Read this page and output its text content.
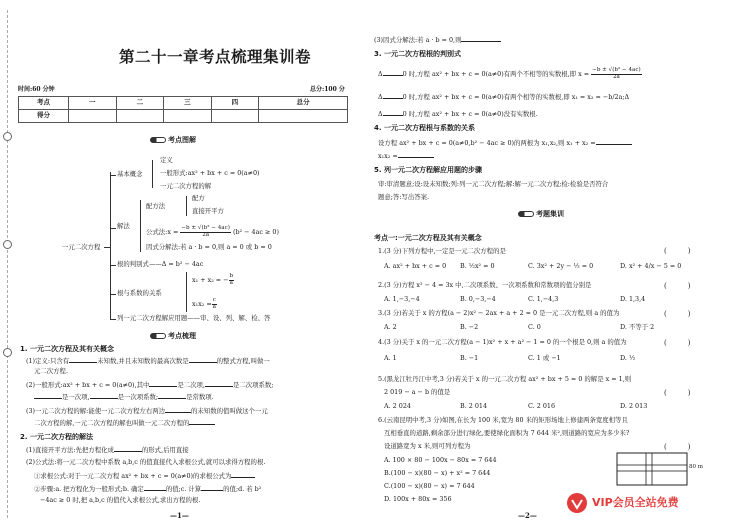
第二十一章考点梳理集训卷
时间:60 分钟	总分:100 分
考点	一	二	三	四	总分
得分					
考点图解
一元二次方程
基本概念
定义
一般形式:ax² + bx + c = 0(a≠0)
一元二次方程的解
解法
配方法
配方
直接开平方
公式法:x = $\frac{\text{−b ± √(b² − 4ac)}}{2a} (b^2 - 4ac \ge 0)$
因式分解法:若 a · b = 0,则 a = 0 或 b = 0
根的判别式——Δ = b² − 4ac
根与系数的关系
x₁ + x₂ = − $\frac{b}{a}$
$x_1x_2 = \frac{c}{a}$
列一元二次方程解应用题——审、设、列、解、检、答
考点梳理
1. 一元二次方程及其有关概念
(1)定义:只含有	未知数,并且未知数的最高次数是	的整式方程,叫做一
元二次方程.
(2)一般形式:ax² + bx + c = 0(a≠0),其中	是二次项,	是二次项系数;
是一次项,	是一次项系数;	是常数项.
(3)一元二次方程的解:能使一元二次方程左右两边	的未知数的值叫做这个一元
二次方程的解,一元二次方程的解也叫做一元二次方程的
2. 一元二次方程的解法
(1)直接开平方法:先把方程化成	的形式,后用直接
(2)公式法:将一元二次方程中系数 a,b,c 的值直接代入求根公式,就可以求得方程的根.
①求根公式:对于一元二次方程 ax² + bx + c = 0(a≠0)的求根公式为
②步骤:a. 把方程化为一般形式;b. 确定	的值;c. 计算	的值;d. 若 b²
−4ac ≥ 0 时,把 a,b,c 的值代入求根公式,求出方程的根.
—1—
(3)因式分解法:若 a · b = 0,则
3. 一元二次方程根的判别式
Δ	0 时,方程 ax² + bx + c = 0(a≠0)有两个不相等的实数根,即 $x = \frac{\text{−b ± √(b² − 4ac)}}{2a}$
Δ	0 时,方程 ax² + bx + c = 0(a≠0)有两个相等的实数根,即 x₁ = x₂ = −b/2a;Δ
Δ	0 时,方程 ax² + bx + c = 0(a≠0)没有实数根.
4. 一元二次方程根与系数的关系
设方程 ax² + bx + c = 0(a≠0,b² − 4ac ≥ 0)的两根为 x₁,x₂,则 x₁ + x₂ =
x₁x₂ =
5. 列一元二次方程解应用题的步骤
审:审清题意;设:设未知数;列:列一元二次方程;解:解一元二次方程;检:检验是否符合
题意;答:写出答案.
考题集训
考点一:一元二次方程及其有关概念
1.(3 分)下列方程中,一定是一元二次方程的是	(　　　)
A. ax² + bx + c = 0 B. ½x² = 0	C. 3x² + 2y − ½ = 0	D. x² + 4/x − 5 = 0
2.(3 分)方程 x² − 4 = 3x 中,二次项系数、一次项系数和常数项的值分别是	(　　　)
A. 1,−3,−4	B. 0,−3,−4	C. 1,−4,3	D. 1,3,4
3.(3 分)若关于 x 的方程(a − 2)x² − 2ax + a + 2 = 0 是一元二次方程,则 a 的值为	(　　　)
A. 2	B. −2	C. 0	D. 不等于 2
4.(3 分)关于 x 的一元二次方程(a − 1)x² + x + a² − 1 = 0 的一个根是 0,则 a 的值为	(　　　)
A. 1	B. −1	C. 1 或 −1	D. ½
5.(黑龙江牡丹江中考,3 分)若关于 x 的一元二次方程 ax² + bx + 5 = 0 的解是 x = 1,则
2 019 − a − b 的值是	(　　　)
A. 2 024	B. 2 014	C. 2 016	D. 2 013
6.(云南昆明中考,3 分)如图,在长为 100 米,宽为 80 米的矩形场地上修建两条宽度相等且
互相垂直的道路,剩余部分进行绿化,要使绿化面积为 7 644 米²,则道路的宽应为多少米?
设道路宽为 x 米,则可列方程为	(　　　)
A. 100 × 80 − 100x − 80x = 7 644
B.(100 − x)(80 − x) + x² = 7 644
C.(100 − x)(80 − x) = 7 644
D. 100x + 80x = 356
80 m
—2—
VIP会员全站免费
